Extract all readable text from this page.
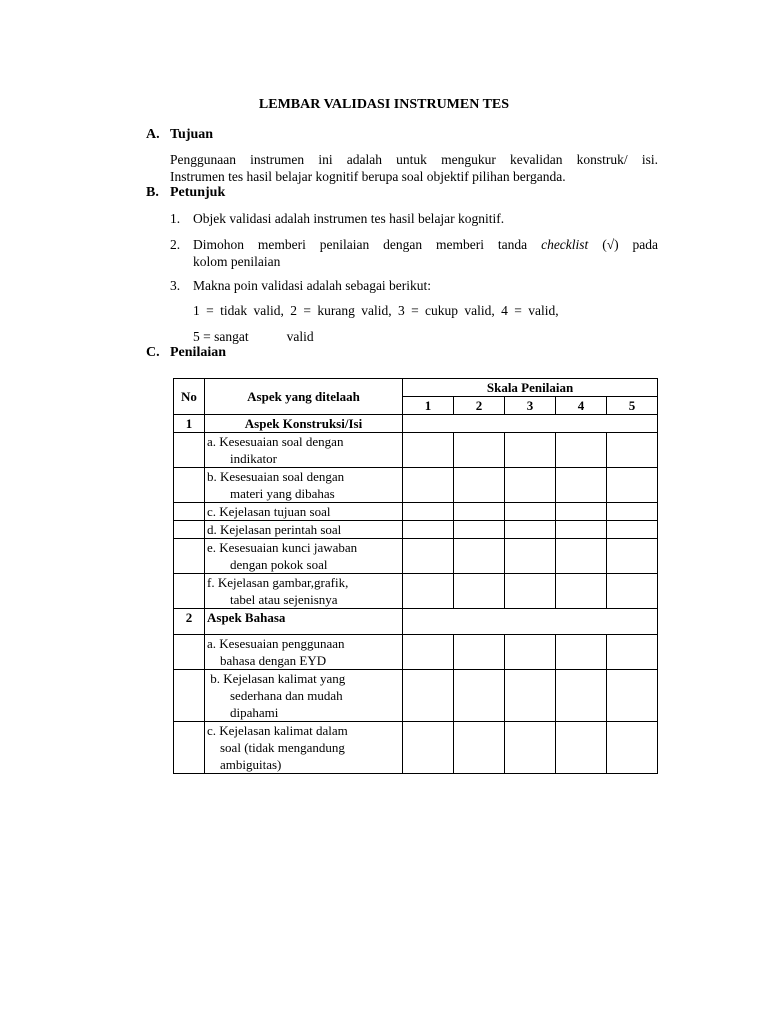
LEMBAR VALIDASI INSTRUMEN TES
A. Tujuan
Penggunaan instrumen ini adalah untuk mengukur kevalidan konstruk/ isi.
Instrumen tes hasil belajar kognitif berupa soal objektif pilihan berganda.
B. Petunjuk
1. Objek validasi adalah instrumen tes hasil belajar kognitif.
2. Dimohon memberi penilaian dengan memberi tanda checklist (√) pada
kolom penilaian
3. Makna poin validasi adalah sebagai berikut:
1 = tidak valid, 2 = kurang valid, 3 = cukup valid, 4 = valid,
5 = sangat	valid
C. Penilaian
No	Aspek yang ditelaah	Skala Penilaian				
		1	2	3	4	5
1	Aspek Konstruksi/Isi					
	a. Kesesuaian soal dengan
indikator					

	b. Kesesuaian soal dengan
materi yang dibahas					

	c. Kejelasan tujuan soal					
	d. Kejelasan perintah soal					
	e. Kesesuaian kunci jawaban
dengan pokok soal					

	f. Kejelasan gambar,grafik,
tabel atau sejenisnya					

2	Aspek Bahasa					
	a. Kesesuaian penggunaan
bahasa dengan EYD					

	b. Kejelasan kalimat yang
sederhana dan mudah
dipahami					

	c. Kejelasan kalimat dalam
soal (tidak mengandung
ambiguitas)					
